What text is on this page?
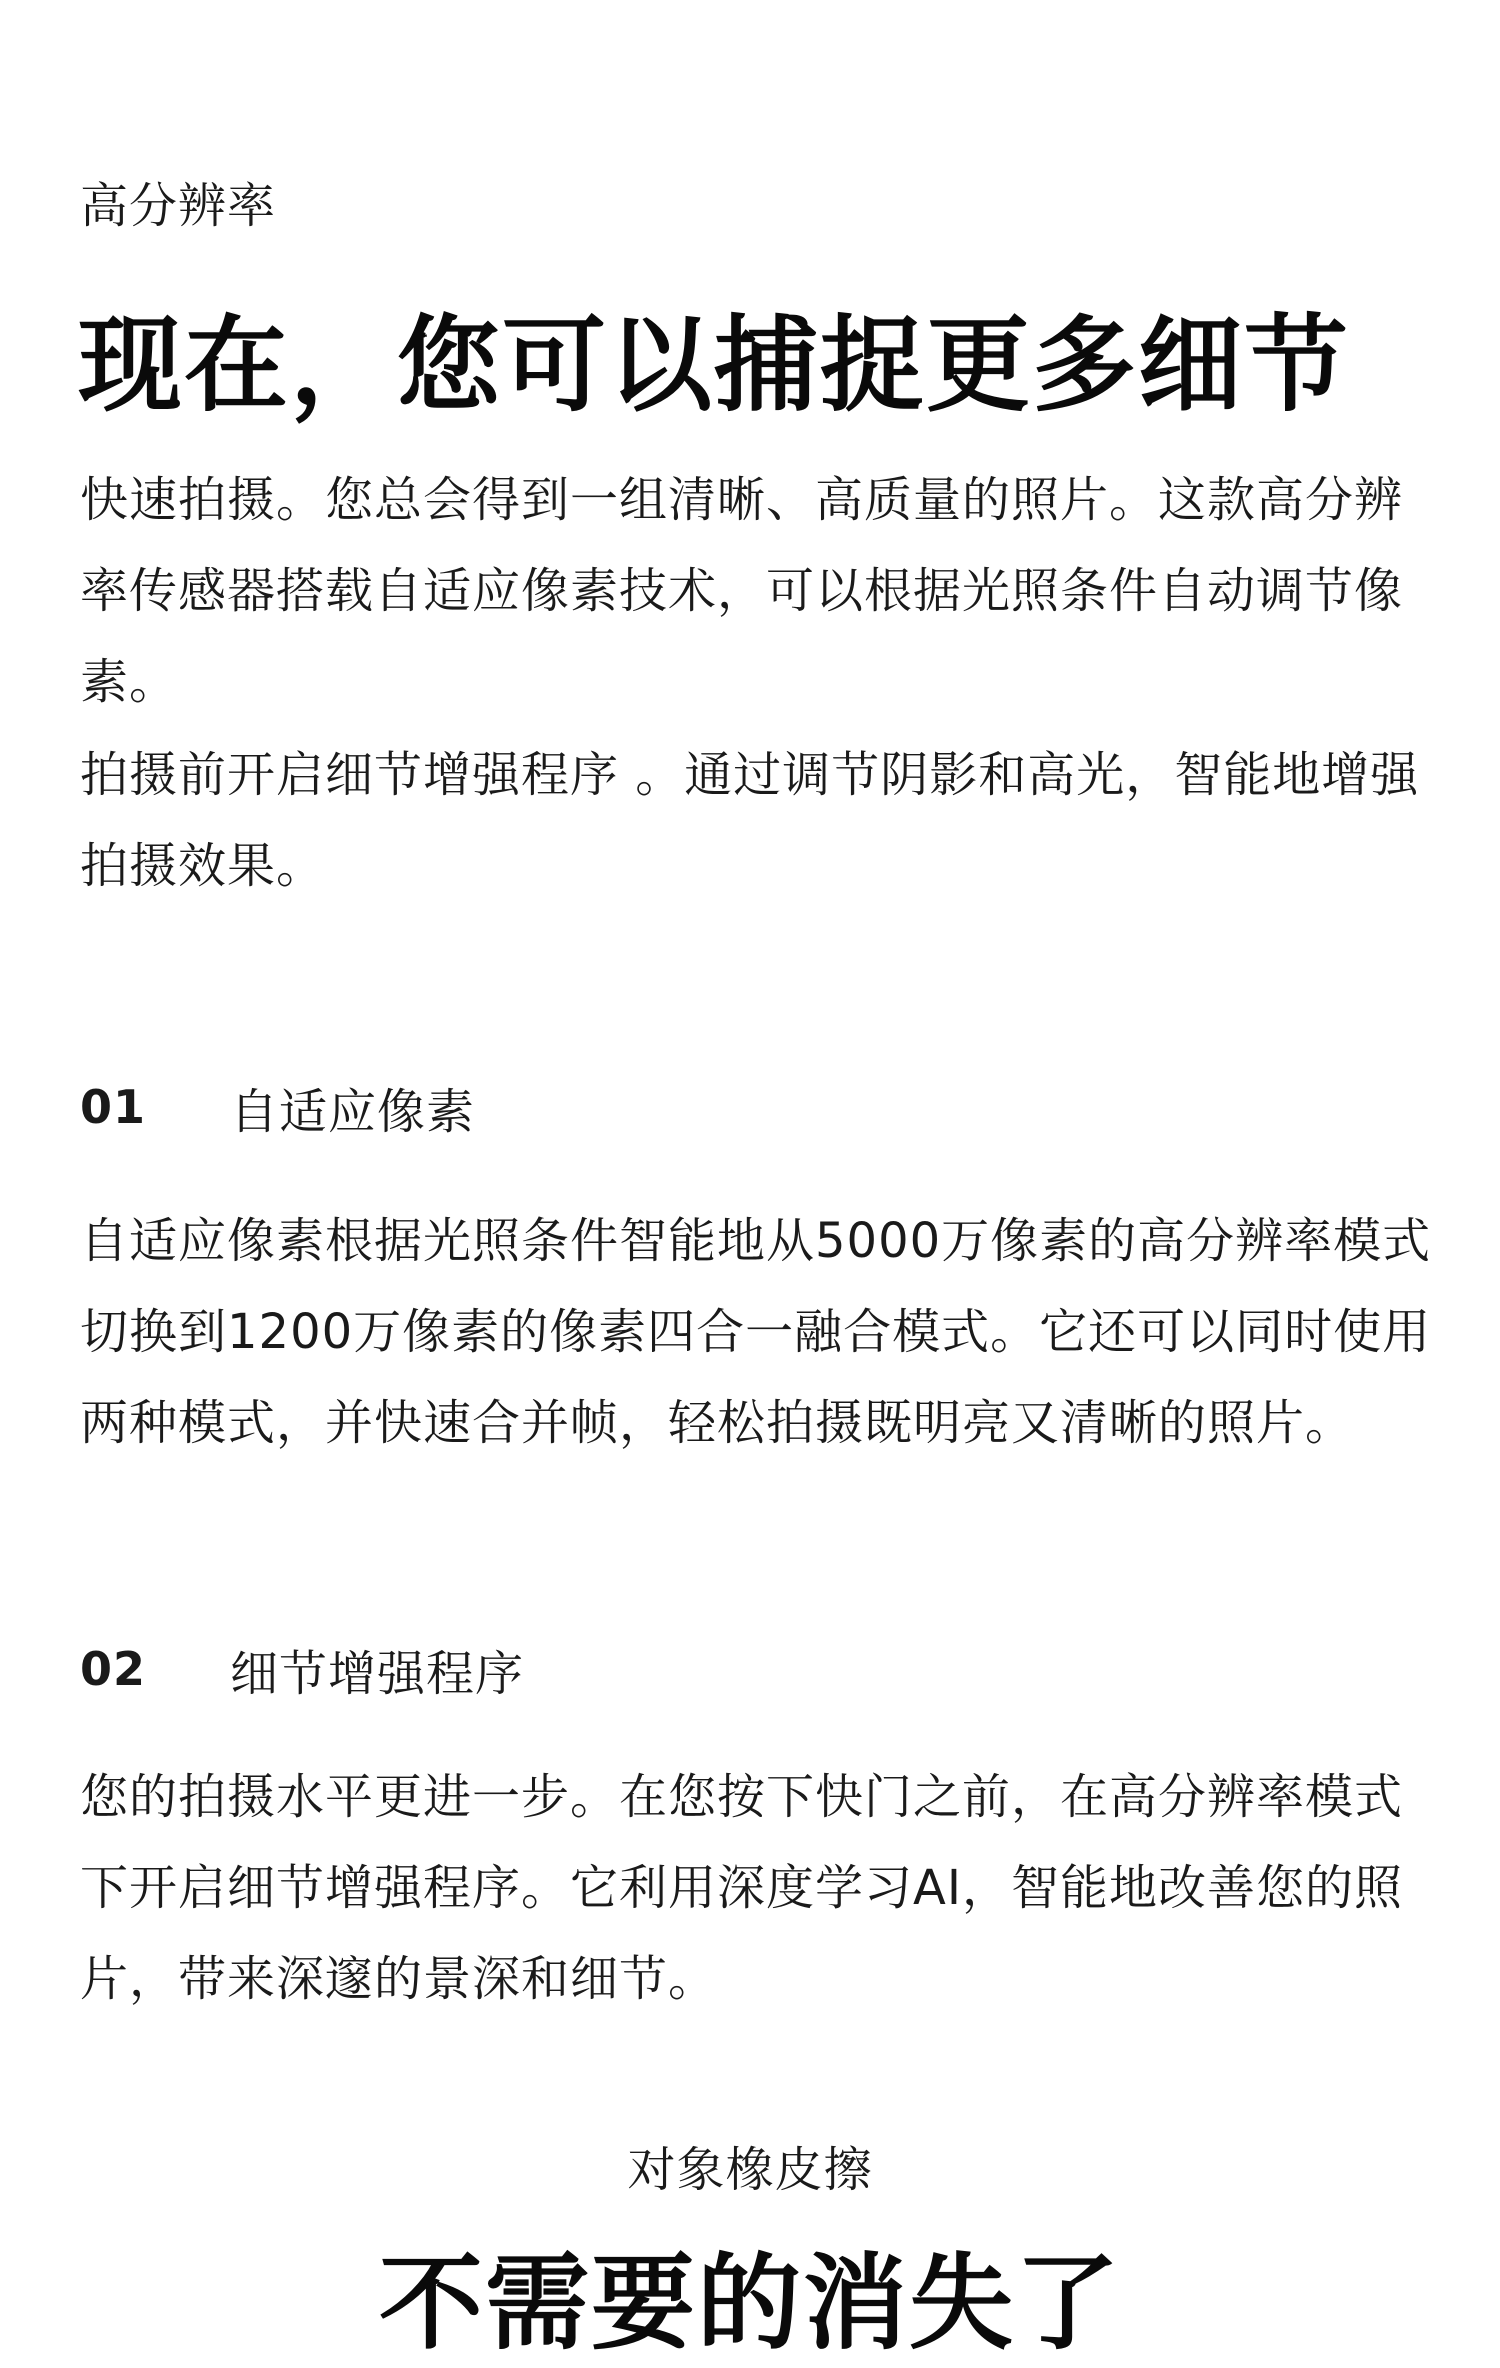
高分辨率
现在，您可以捕捉更多细节
快速拍摄。您总会得到一组清晰、高质量的照片。这款高分辨率传感器搭载自适应像素技术，可以根据光照条件自动调节像素。
拍摄前开启细节增强程序 。通过调节阴影和高光，智能地增强拍摄效果。
01	自适应像素
自适应像素根据光照条件智能地从5000万像素的高分辨率模式切换到1200万像素的像素四合一融合模式。它还可以同时使用两种模式，并快速合并帧，轻松拍摄既明亮又清晰的照片。
02	细节增强程序
您的拍摄水平更进一步。在您按下快门之前，在高分辨率模式下开启细节增强程序。它利用深度学习AI，智能地改善您的照片，带来深邃的景深和细节。
对象橡皮擦
不需要的消失了
